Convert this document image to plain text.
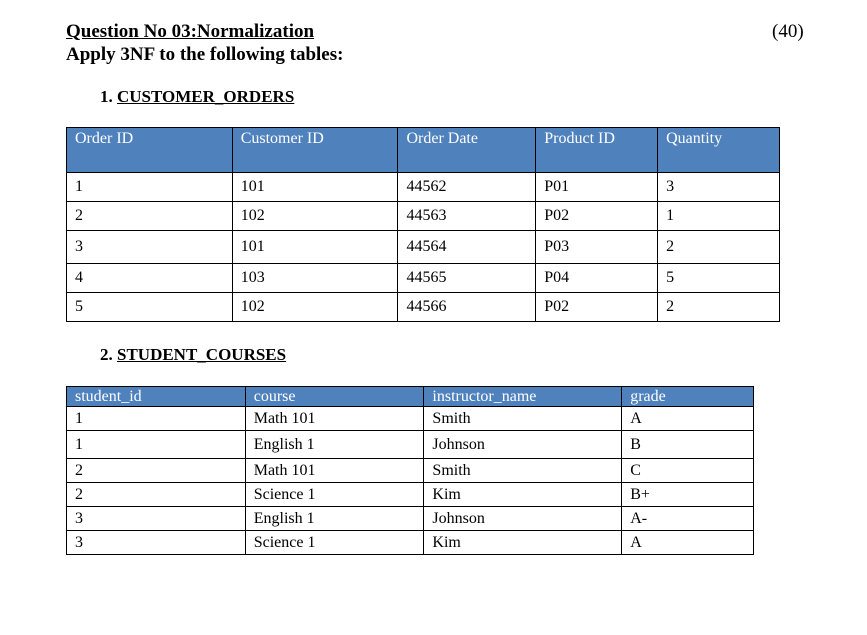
Question No 03:Normalization
Apply 3NF to the following tables:
(40)
1. CUSTOMER_ORDERS
Order ID	Customer ID	Order Date	Product ID	Quantity
1	101	44562	P01	3
2	102	44563	P02	1
3	101	44564	P03	2
4	103	44565	P04	5
5	102	44566	P02	2
2. STUDENT_COURSES
student_id	course	instructor_name	grade
1	Math 101	Smith	A
1	English 1	Johnson	B
2	Math 101	Smith	C
2	Science 1	Kim	B+
3	English 1	Johnson	A-
3	Science 1	Kim	A
